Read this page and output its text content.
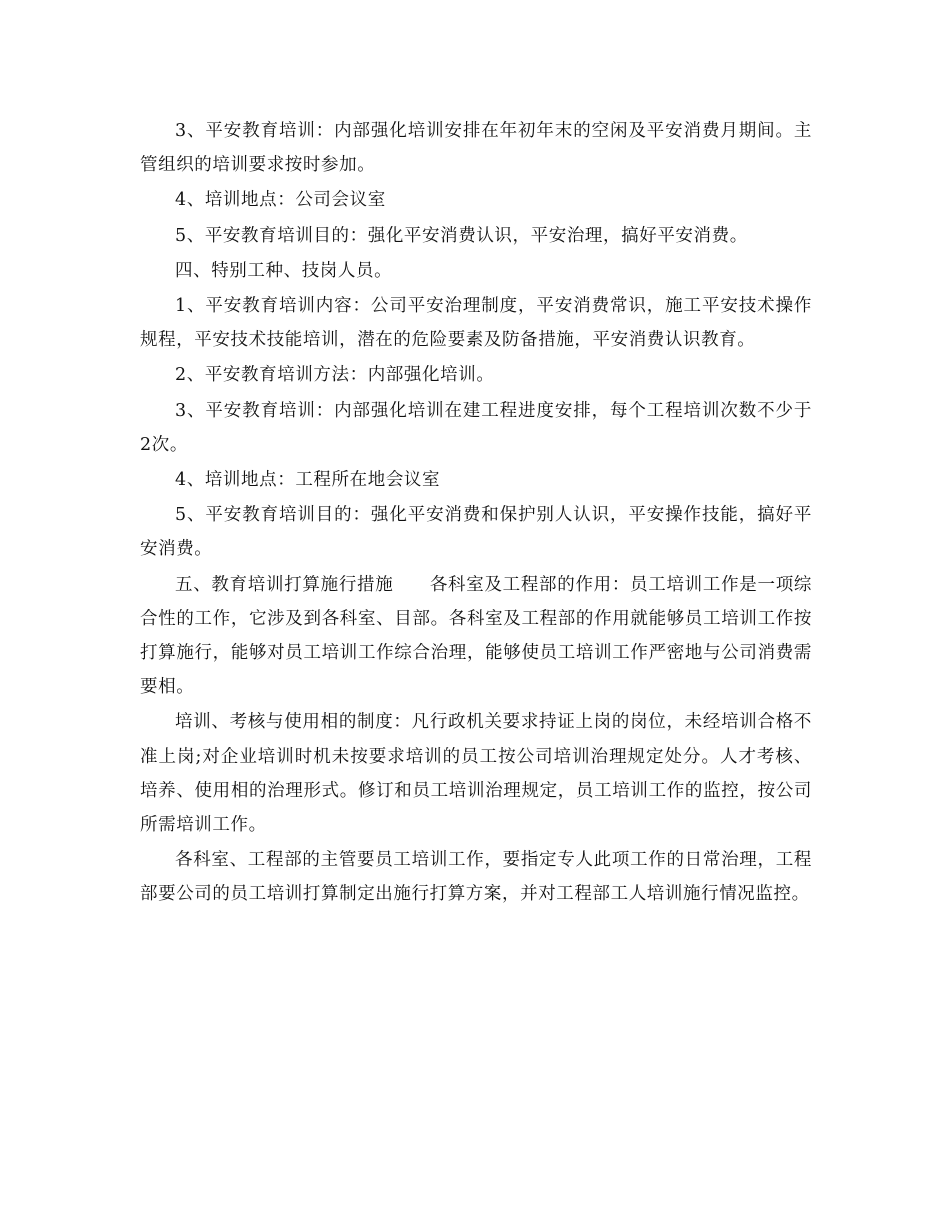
3、平安教育培训：内部强化培训安排在年初年末的空闲及平安消费月期间。主管组织的培训要求按时参加。

4、培训地点：公司会议室

5、平安教育培训目的：强化平安消费认识，平安治理，搞好平安消费。

四、特别工种、技岗人员。

1、平安教育培训内容：公司平安治理制度，平安消费常识，施工平安技术操作规程，平安技术技能培训，潜在的危险要素及防备措施，平安消费认识教育。

2、平安教育培训方法：内部强化培训。

3、平安教育培训：内部强化培训在建工程进度安排，每个工程培训次数不少于2次。

4、培训地点：工程所在地会议室

5、平安教育培训目的：强化平安消费和保护别人认识，平安操作技能，搞好平安消费。

五、教育培训打算施行措施　　各科室及工程部的作用：员工培训工作是一项综合性的工作，它涉及到各科室、目部。各科室及工程部的作用就能够员工培训工作按打算施行，能够对员工培训工作综合治理，能够使员工培训工作严密地与公司消费需要相。

培训、考核与使用相的制度：凡行政机关要求持证上岗的岗位，未经培训合格不准上岗;对企业培训时机未按要求培训的员工按公司培训治理规定处分。人才考核、培养、使用相的治理形式。修订和员工培训治理规定，员工培训工作的监控，按公司所需培训工作。

各科室、工程部的主管要员工培训工作，要指定专人此项工作的日常治理，工程部要公司的员工培训打算制定出施行打算方案，并对工程部工人培训施行情况监控。
